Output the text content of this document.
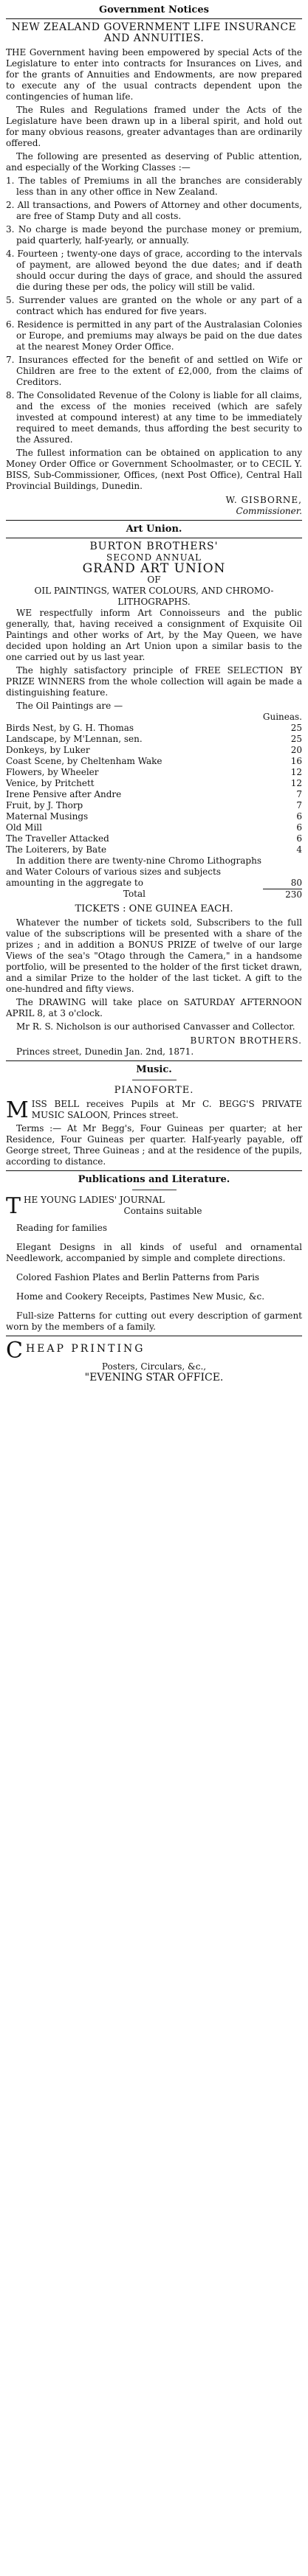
Government Notices
NEW ZEALAND GOVERNMENT LIFE INSURANCE AND ANNUITIES.

THE Government having been empowered by special Acts of the Legislature to enter into contracts for Insurances on Lives, and for the grants of Annuities and Endowments, are now prepared to execute any of the usual contracts dependent upon the contingencies of human life.

The Rules and Regulations framed under the Acts of the Legislature have been drawn up in a liberal spirit, and hold out for many obvious reasons, greater advantages than are ordinarily offered.

The following are presented as deserving of Public attention, and especially of the Working Classes :—

1. The tables of Premiums in all the branches are considerably less than in any other office in New Zealand.
2. All transactions, and Powers of Attorney and other documents, are free of Stamp Duty and all costs.
3. No charge is made beyond the purchase money or premium, paid quarterly, half-yearly, or annually.
4. Fourteen ; twenty-one days of grace, according to the intervals of payment, are allowed beyond the due dates; and if death should occur during the days of grace, and should the assured die during these per ods, the policy will still be valid.
5. Surrender values are granted on the whole or any part of a contract which has endured for five years.
6. Residence is permitted in any part of the Australasian Colonies or Europe, and premiums may always be paid on the due dates at the nearest Money Order Office.
7. Insurances effected for the benefit of and settled on Wife or Children are free to the extent of £2,000, from the claims of Creditors.
8. The Consolidated Revenue of the Colony is liable for all claims, and the excess of the monies received (which are safely invested at compound interest) at any time to be immediately required to meet demands, thus affording the best security to the Assured.

The fullest information can be obtained on application to any Money Order Office or Government Schoolmaster, or to CECIL Y. BISS, Sub-Commissioner, Offices, (next Post Office), Central Hall Provincial Buildings, Dunedin.

W. GISBORNE,
Commissioner.
Art Union.
BURTON BROTHERS'
SECOND ANNUAL
GRAND ART UNION
OF
OIL PAINTINGS, WATER COLOURS, AND CHROMO-LITHOGRAPHS.

WE respectfully inform Art Connoisseurs and the public generally, that, having received a consignment of Exquisite Oil Paintings and other works of Art, by the May Queen, we have decided upon holding an Art Union upon a similar basis to the one carried out by us last year.

The highly satisfactory principle of FREE SELECTION BY PRIZE WINNERS from the whole collection will again be made a distinguishing feature.

The Oil Paintings are —	
	Guineas.
Birds Nest, by G. H. Thomas	25
Landscape, by M'Lennan, sen.	25
Donkeys, by Luker	20
Coast Scene, by Cheltenham Wake	16
Flowers, by Wheeler	12
Venice, by Pritchett	12
Irene Pensive after Andre	7
Fruit, by J. Thorp	7
Maternal Musings	6
Old Mill	6
The Traveller Attacked	6
The Loiterers, by Bate	4
In addition there are twenty-nine Chromo Lithographs and Water Colours of various sizes and subjects amounting in the aggregate to	80
Total	230
TICKETS : ONE GUINEA EACH.

Whatever the number of tickets sold, Subscribers to the full value of the subscriptions will be presented with a share of the prizes ; and in addition a BONUS PRIZE of twelve of our large Views of the sea's "Otago through the Camera," in a handsome portfolio, will be presented to the holder of the first ticket drawn, and a similar Prize to the holder of the last ticket. A gift to the one-hundred and fifty views.

The DRAWING will take place on SATURDAY AFTERNOON APRIL 8, at 3 o'clock.

Mr R. S. Nicholson is our authorised Canvasser and Collector.

BURTON BROTHERS.
Princes street, Dunedin Jan. 2nd, 1871.
Music.
PIANOFORTE.
M ISS BELL receives Pupils at Mr C. BEGG'S PRIVATE MUSIC SALOON, Princes street.

Terms :— At Mr Begg's, Four Guineas per quarter; at her Residence, Four Guineas per quarter. Half-yearly payable, off George street, Three Guineas ; and at the residence of the pupils, according to distance.

Publications and Literature.
T HE YOUNG LADIES' JOURNAL
Contains suitable

Reading for families

Elegant Designs in all kinds of useful and ornamental Needlework, accompanied by simple and complete directions.

Colored Fashion Plates and Berlin Patterns from Paris

Home and Cookery Receipts, Pastimes New Music, &c.

Full-size Patterns for cutting out every description of garment worn by the members of a family.

C HEAP PRINTING
Posters, Circulars, &c.,
"EVENING STAR OFFICE.
